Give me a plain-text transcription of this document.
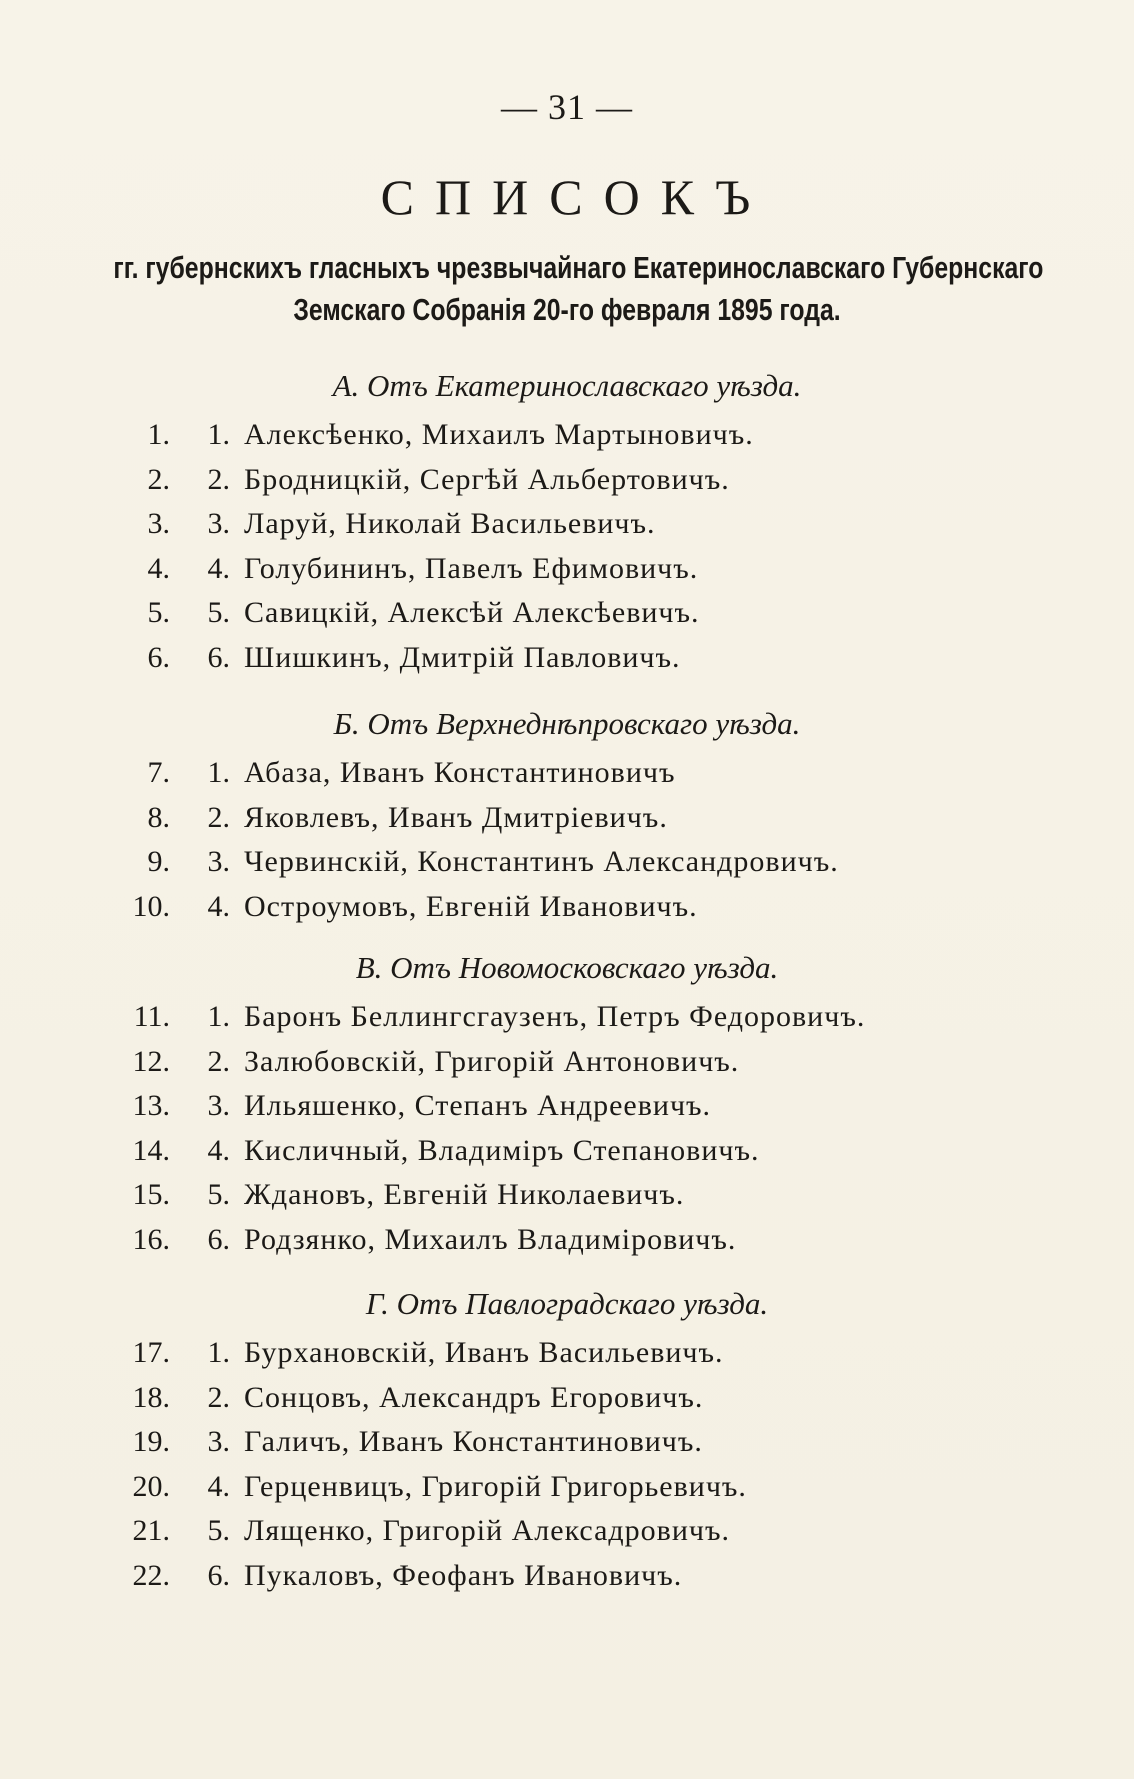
— 31 —
СПИСОКЪ
гг. губернскихъ гласныхъ чрезвычайнаго Екатеринославскаго Губернскаго
Земскаго Собранія 20-го февраля 1895 года.
А. Отъ Екатеринославскаго уѣзда.
1. 1. Алексѣенко, Михаилъ Мартыновичъ.
2. 2. Бродницкій, Сергѣй Альбертовичъ.
3. 3. Ларуй, Николай Васильевичъ.
4. 4. Голубининъ, Павелъ Ефимовичъ.
5. 5. Савицкій, Алексѣй Алексѣевичъ.
6. 6. Шишкинъ, Дмитрій Павловичъ.
Б. Отъ Верхнеднѣпровскаго уѣзда.
7. 1. Абаза, Иванъ Константиновичъ
8. 2. Яковлевъ, Иванъ Дмитріевичъ.
9. 3. Червинскій, Константинъ Александровичъ.
10. 4. Остроумовъ, Евгеній Ивановичъ.
В. Отъ Новомосковскаго уѣзда.
11. 1. Баронъ Беллингсгаузенъ, Петръ Федоровичъ.
12. 2. Залюбовскій, Григорій Антоновичъ.
13. 3. Ильяшенко, Степанъ Андреевичъ.
14. 4. Кисличный, Владиміръ Степановичъ.
15. 5. Ждановъ, Евгеній Николаевичъ.
16. 6. Родзянко, Михаилъ Владиміровичъ.
Г. Отъ Павлоградскаго уѣзда.
17. 1. Бурхановскій, Иванъ Васильевичъ.
18. 2. Сонцовъ, Александръ Егоровичъ.
19. 3. Галичъ, Иванъ Константиновичъ.
20. 4. Герценвицъ, Григорій Григорьевичъ.
21. 5. Лященко, Григорій Алексадровичъ.
22. 6. Пукаловъ, Феофанъ Ивановичъ.
